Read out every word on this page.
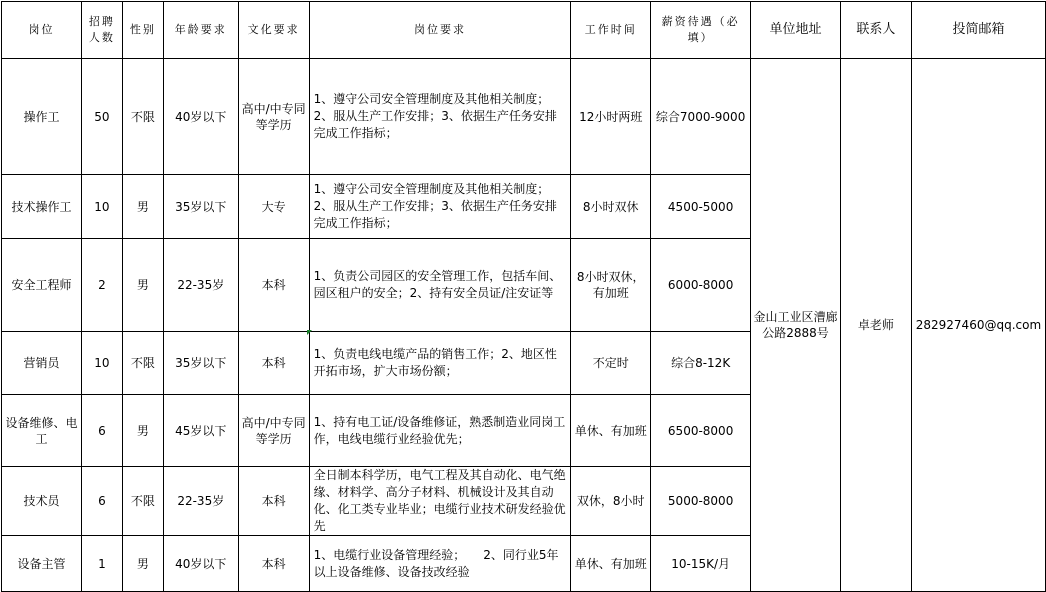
岗位	招聘人数	性别	年龄要求	文化要求	岗位要求	工作时间	薪资待遇（必填）	单位地址	联系人	投简邮箱
操作工	50	不限	40岁以下	高中/中专同等学历	1、遵守公司安全管理制度及其他相关制度；2、服从生产工作安排；3、依据生产任务安排完成工作指标；	12小时两班	综合7000-9000	金山工业区漕廊公路2888号	卓老师	282927460@qq.com
技术操作工	10	男	35岁以下	大专	1、遵守公司安全管理制度及其他相关制度；2、服从生产工作安排；3、依据生产任务安排完成工作指标；	8小时双休	4500-5000			
安全工程师	2	男	22-35岁	本科	1、负责公司园区的安全管理工作，包括车间、园区租户的安全；2、持有安全员证/注安证等	8小时双休，有加班	6000-8000			
营销员	10	不限	35岁以下	本科	1、负责电线电缆产品的销售工作；2、地区性开拓市场，扩大市场份额；	不定时	综合8-12K			
设备维修、电工	6	男	45岁以下	高中/中专同等学历	1、持有电工证/设备维修证，熟悉制造业同岗工作，电线电缆行业经验优先；	单休、有加班	6500-8000			
技术员	6	不限	22-35岁	本科	全日制本科学历，电气工程及其自动化、电气绝缘、材料学、高分子材料、机械设计及其自动化、化工类专业毕业；电缆行业技术研发经验优先	双休，8小时	5000-8000			
设备主管	1	男	40岁以下	本科	1、电缆行业设备管理经验；　　2、同行业5年以上设备维修、设备技改经验	单休、有加班	10-15K/月			
